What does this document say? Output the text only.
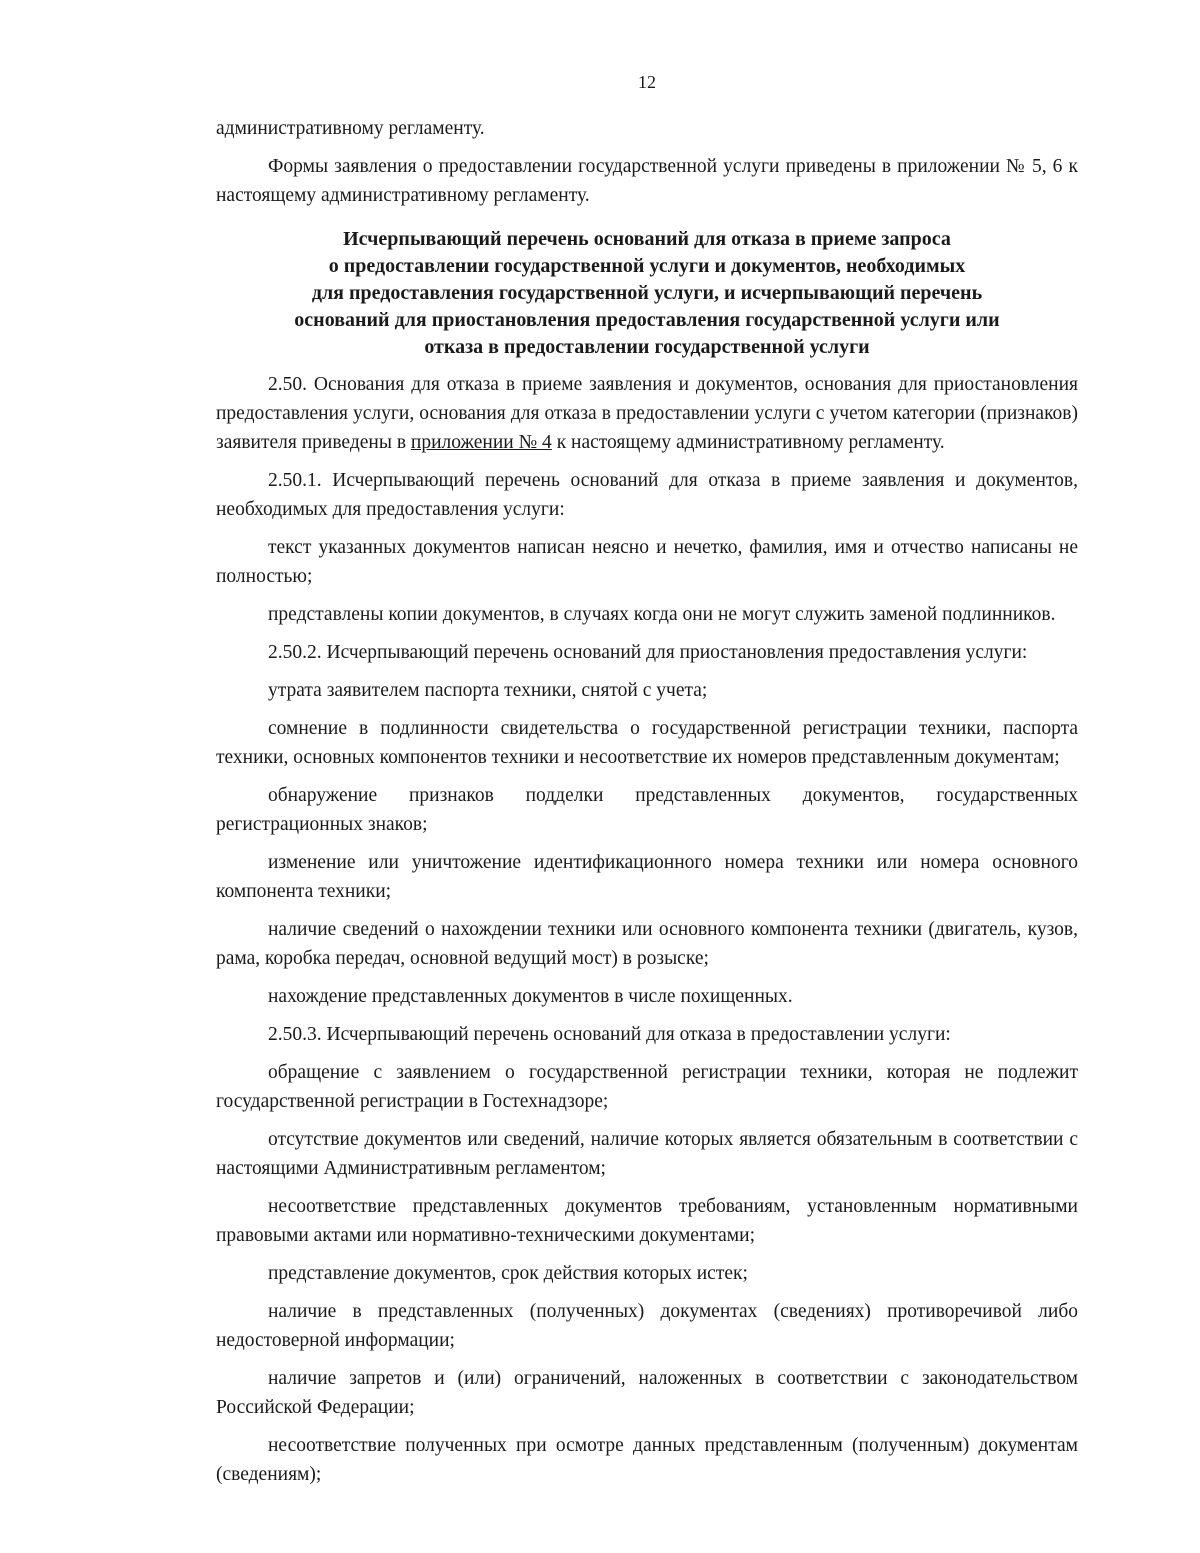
12

административному регламенту.

Формы заявления о предоставлении государственной услуги приведены в приложении № 5, 6 к настоящему административному регламенту.

Исчерпывающий перечень оснований для отказа в приеме запроса
о предоставлении государственной услуги и документов, необходимых
для предоставления государственной услуги, и исчерпывающий перечень
оснований для приостановления предоставления государственной услуги или
отказа в предоставлении государственной услуги

2.50. Основания для отказа в приеме заявления и документов, основания для приостановления предоставления услуги, основания для отказа в предоставлении услуги с учетом категории (признаков) заявителя приведены в приложении № 4 к настоящему административному регламенту.

2.50.1. Исчерпывающий перечень оснований для отказа в приеме заявления и документов, необходимых для предоставления услуги:

текст указанных документов написан неясно и нечетко, фамилия, имя и отчество написаны не полностью;

представлены копии документов, в случаях когда они не могут служить заменой подлинников.

2.50.2. Исчерпывающий перечень оснований для приостановления предоставления услуги:

утрата заявителем паспорта техники, снятой с учета;

сомнение в подлинности свидетельства о государственной регистрации техники, паспорта техники, основных компонентов техники и несоответствие их номеров представленным документам;

обнаружение признаков подделки представленных документов, государственных регистрационных знаков;

изменение или уничтожение идентификационного номера техники или номера основного компонента техники;

наличие сведений о нахождении техники или основного компонента техники (двигатель, кузов, рама, коробка передач, основной ведущий мост) в розыске;

нахождение представленных документов в числе похищенных.

2.50.3. Исчерпывающий перечень оснований для отказа в предоставлении услуги:

обращение с заявлением о государственной регистрации техники, которая не подлежит государственной регистрации в Гостехнадзоре;

отсутствие документов или сведений, наличие которых является обязательным в соответствии с настоящими Административным регламентом;

несоответствие представленных документов требованиям, установленным нормативными правовыми актами или нормативно-техническими документами;

представление документов, срок действия которых истек;

наличие в представленных (полученных) документах (сведениях) противоречивой либо недостоверной информации;

наличие запретов и (или) ограничений, наложенных в соответствии с законодательством Российской Федерации;

несоответствие полученных при осмотре данных представленным (полученным) документам (сведениям);
